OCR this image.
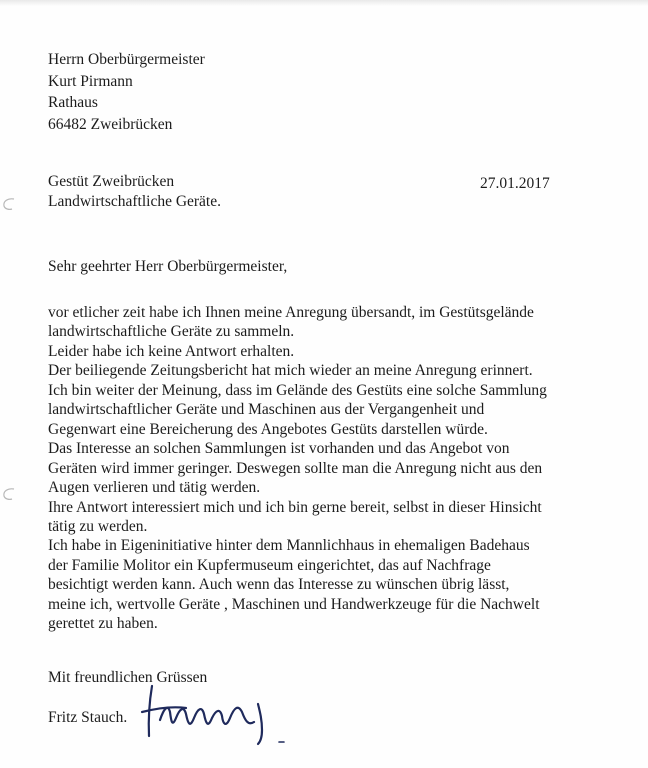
Herrn Oberbürgermeister
Kurt Pirmann
Rathaus
66482 Zweibrücken
Gestüt Zweibrücken
Landwirtschaftliche Geräte.
27.01.2017
Sehr geehrter Herr Oberbürgermeister,
vor etlicher zeit habe ich Ihnen meine Anregung übersandt, im Gestütsgelände
landwirtschaftliche Geräte zu sammeln.
Leider habe ich keine Antwort erhalten.
Der beiliegende Zeitungsbericht hat mich wieder an meine Anregung erinnert.
Ich bin weiter der Meinung, dass im Gelände des Gestüts eine solche Sammlung
landwirtschaftlicher Geräte und Maschinen aus der Vergangenheit und
Gegenwart eine Bereicherung des Angebotes Gestüts darstellen würde.
Das Interesse an solchen Sammlungen ist vorhanden und das Angebot von
Geräten wird immer geringer. Deswegen sollte man die Anregung nicht aus den
Augen verlieren und tätig werden.
Ihre Antwort interessiert mich und ich bin gerne bereit, selbst in dieser Hinsicht
tätig zu werden.
Ich habe in Eigeninitiative hinter dem Mannlichhaus in ehemaligen Badehaus
der Familie Molitor ein Kupfermuseum eingerichtet, das auf Nachfrage
besichtigt werden kann. Auch wenn das Interesse zu wünschen übrig lässt,
meine ich, wertvolle Geräte , Maschinen und Handwerkzeuge für die Nachwelt
gerettet zu haben.
Mit freundlichen Grüssen
Fritz Stauch.
